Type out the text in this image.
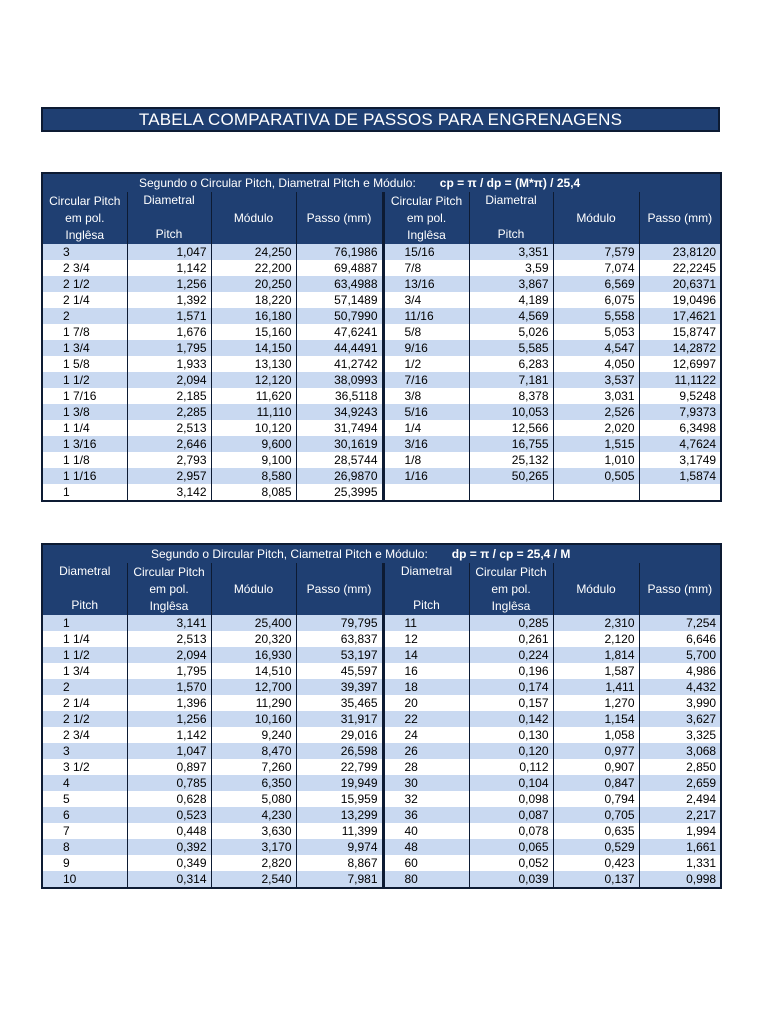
TABELA COMPARATIVA DE PASSOS PARA ENGRENAGENS
Segundo o Circular Pitch, Diametral Pitch e Módulo: cp = π / dp = (M*π) / 25,4							
Circular Pitch em pol. Inglêsa	Diametral
Pitch	Módulo	Passo (mm)	Circular Pitch em pol. Inglêsa	Diametral
Pitch	Módulo	Passo (mm)
3	1,047	24,250	76,1986	15/16	3,351	7,579	23,8120
2 3/4	1,142	22,200	69,4887	7/8	3,59	7,074	22,2245
2 1/2	1,256	20,250	63,4988	13/16	3,867	6,569	20,6371
2 1/4	1,392	18,220	57,1489	3/4	4,189	6,075	19,0496
2	1,571	16,180	50,7990	11/16	4,569	5,558	17,4621
1 7/8	1,676	15,160	47,6241	5/8	5,026	5,053	15,8747
1 3/4	1,795	14,150	44,4491	9/16	5,585	4,547	14,2872
1 5/8	1,933	13,130	41,2742	1/2	6,283	4,050	12,6997
1 1/2	2,094	12,120	38,0993	7/16	7,181	3,537	11,1122
1 7/16	2,185	11,620	36,5118	3/8	8,378	3,031	9,5248
1 3/8	2,285	11,110	34,9243	5/16	10,053	2,526	7,9373
1 1/4	2,513	10,120	31,7494	1/4	12,566	2,020	6,3498
1 3/16	2,646	9,600	30,1619	3/16	16,755	1,515	4,7624
1 1/8	2,793	9,100	28,5744	1/8	25,132	1,010	3,1749
1 1/16	2,957	8,580	26,9870	1/16	50,265	0,505	1,5874
1	3,142	8,085	25,3995				
Segundo o Dircular Pitch, Ciametral Pitch e Módulo: dp = π / cp = 25,4 / M							
Diametral
Pitch	Circular Pitch em pol. Inglêsa	Módulo	Passo (mm)	Diametral
Pitch	Circular Pitch em pol. Inglêsa	Módulo	Passo (mm)
1	3,141	25,400	79,795	11	0,285	2,310	7,254
1 1/4	2,513	20,320	63,837	12	0,261	2,120	6,646
1 1/2	2,094	16,930	53,197	14	0,224	1,814	5,700
1 3/4	1,795	14,510	45,597	16	0,196	1,587	4,986
2	1,570	12,700	39,397	18	0,174	1,411	4,432
2 1/4	1,396	11,290	35,465	20	0,157	1,270	3,990
2 1/2	1,256	10,160	31,917	22	0,142	1,154	3,627
2 3/4	1,142	9,240	29,016	24	0,130	1,058	3,325
3	1,047	8,470	26,598	26	0,120	0,977	3,068
3 1/2	0,897	7,260	22,799	28	0,112	0,907	2,850
4	0,785	6,350	19,949	30	0,104	0,847	2,659
5	0,628	5,080	15,959	32	0,098	0,794	2,494
6	0,523	4,230	13,299	36	0,087	0,705	2,217
7	0,448	3,630	11,399	40	0,078	0,635	1,994
8	0,392	3,170	9,974	48	0,065	0,529	1,661
9	0,349	2,820	8,867	60	0,052	0,423	1,331
10	0,314	2,540	7,981	80	0,039	0,137	0,998
